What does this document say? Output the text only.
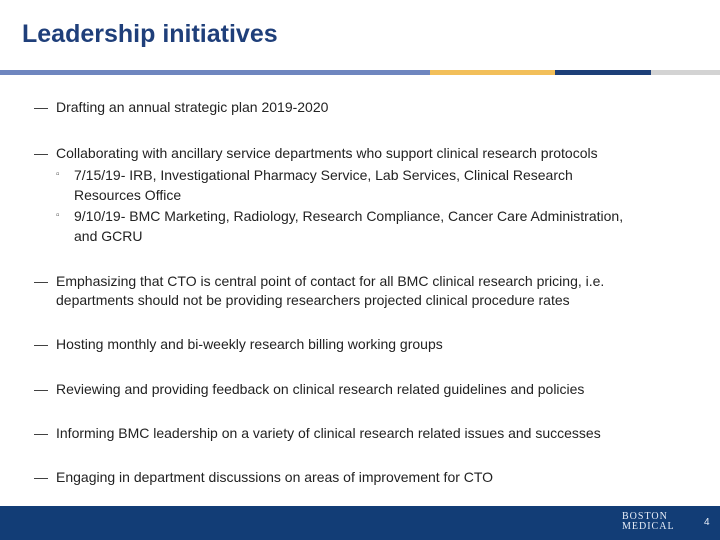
Leadership initiatives
— Drafting an annual strategic plan 2019-2020
— Collaborating with ancillary service departments who support clinical research protocols
▫ 7/15/19- IRB, Investigational Pharmacy Service, Lab Services, Clinical Research
Resources Office
▫ 9/10/19- BMC Marketing, Radiology, Research Compliance, Cancer Care Administration,
and GCRU
— Emphasizing that CTO is central point of contact for all BMC clinical research pricing, i.e.
departments should not be providing researchers projected clinical procedure rates
— Hosting monthly and bi-weekly research billing working groups
— Reviewing and providing feedback on clinical research related guidelines and policies
— Informing BMC leadership on a variety of clinical research related issues and successes
— Engaging in department discussions on areas of improvement for CTO
BOSTON
MEDICAL	4
